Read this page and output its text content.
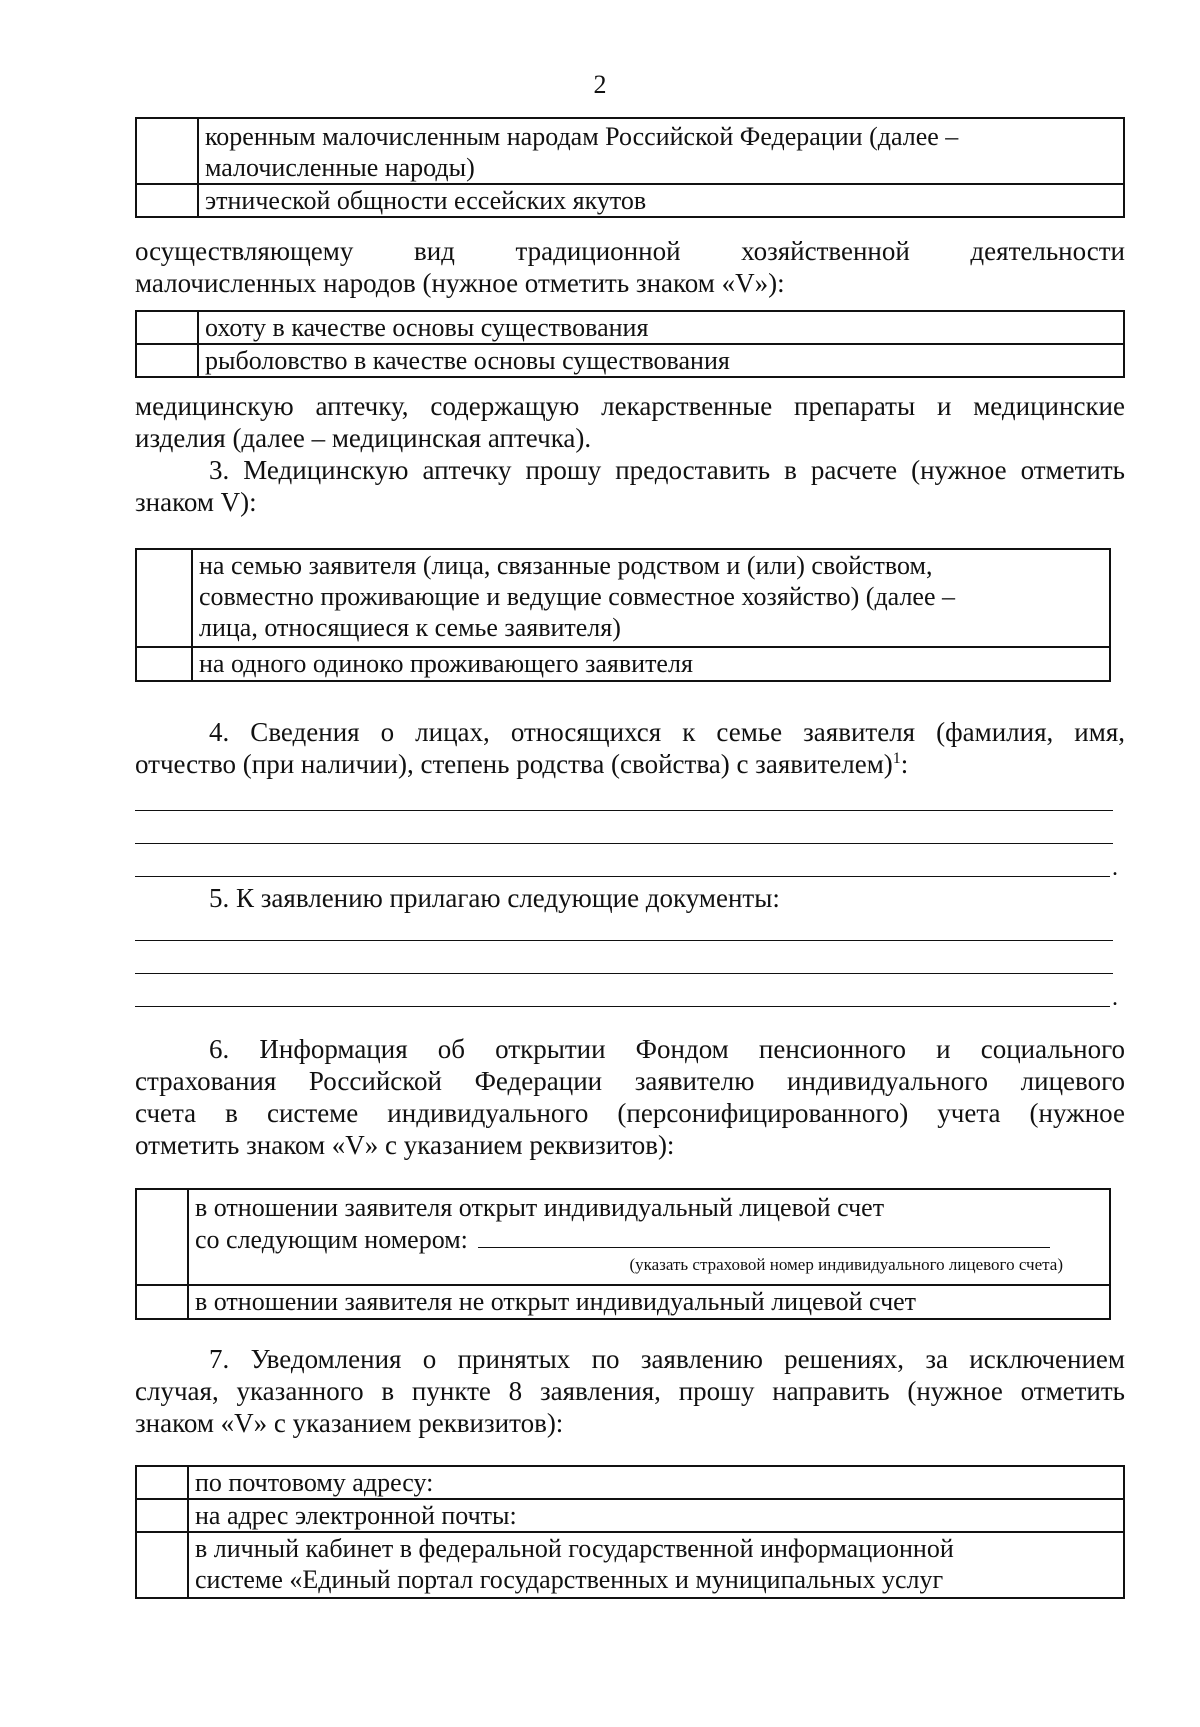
2

	коренным малочисленным народам Российской Федерации (далее –
малочисленные народы)

	этнической общности ессейских якутов
осуществляющему вид традиционной хозяйственной деятельности
малочисленных народов (нужное отметить знаком «V»):
	охоту в качестве основы существования
	рыболовство в качестве основы существования
медицинскую аптечку, содержащую лекарственные препараты и медицинские
изделия (далее – медицинская аптечка).
3. Медицинскую аптечку прошу предоставить в расчете (нужное отметить
знаком V):

	на семью заявителя (лица, связанные родством и (или) свойством,
совместно проживающие и ведущие совместное хозяйство) (далее –
лица, относящиеся к семье заявителя)

	на одного одиноко проживающего заявителя
4. Сведения о лицах, относящихся к семье заявителя (фамилия, имя,
отчество (при наличии), степень родства (свойства) с заявителем)$^1$:
.
5. К заявлению прилагаю следующие документы:
.
6. Информация об открытии Фондом пенсионного и социального
страхования Российской Федерации заявителю индивидуального лицевого
счета в системе индивидуального (персонифицированного) учета (нужное
отметить знаком «V» с указанием реквизитов):

	в отношении заявителя открыт индивидуальный лицевой счет
со следующим номером:
(указать страховой номер индивидуального лицевого счета)

	в отношении заявителя не открыт индивидуальный лицевой счет
7. Уведомления о принятых по заявлению решениях, за исключением
случая, указанного в пункте 8 заявления, прошу направить (нужное отметить
знаком «V» с указанием реквизитов):
	по почтовому адресу:
	на адрес электронной почты:

	в личный кабинет в федеральной государственной информационной
системе «Единый портал государственных и муниципальных услуг
